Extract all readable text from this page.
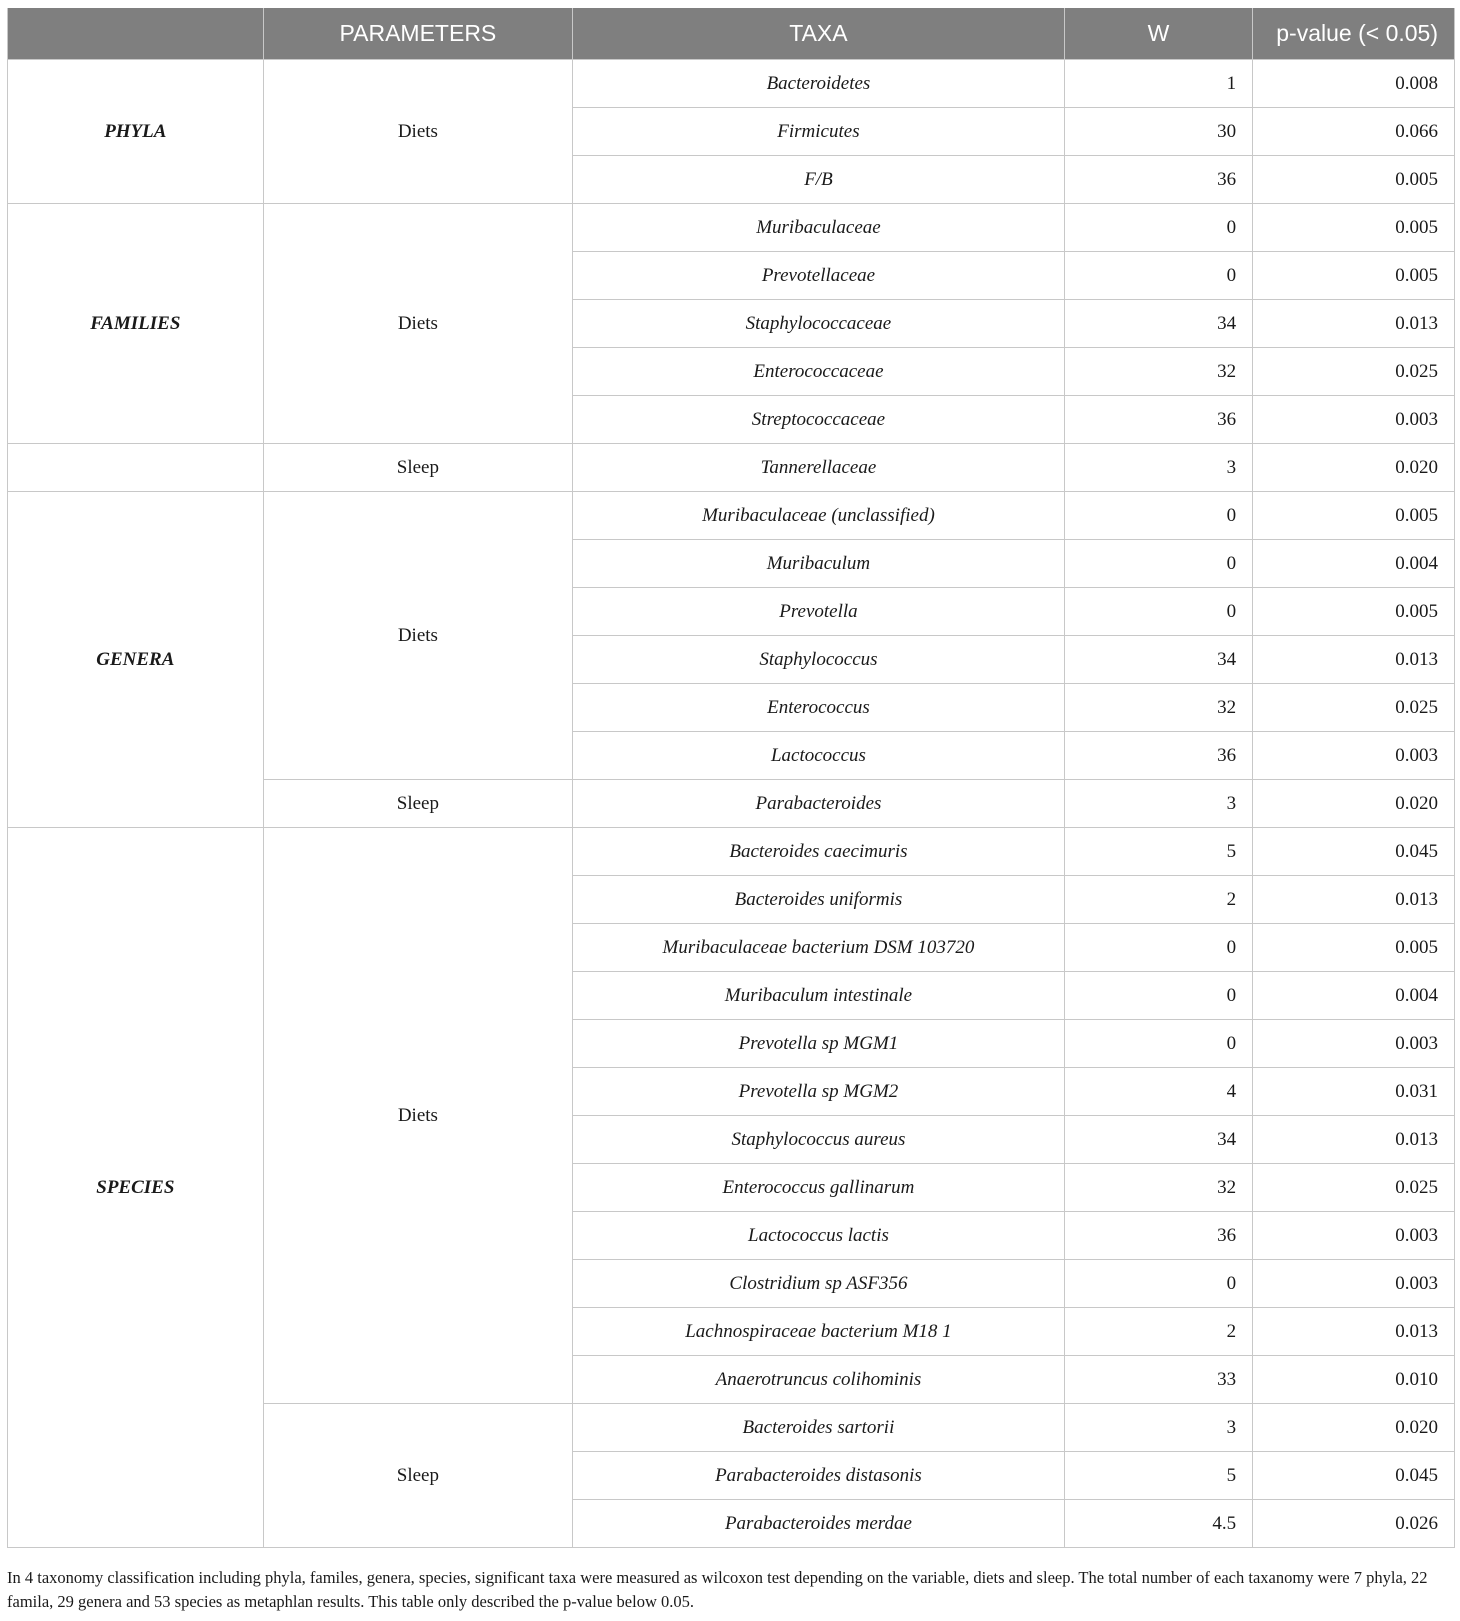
	PARAMETERS	TAXA	W	p-value (< 0.05)
PHYLA	Diets	Bacteroidetes	1	0.008
		Firmicutes	30	0.066
		F/B	36	0.005
FAMILIES	Diets	Muribaculaceae	0	0.005
		Prevotellaceae	0	0.005
		Staphylococcaceae	34	0.013
		Enterococcaceae	32	0.025
		Streptococcaceae	36	0.003
	Sleep	Tannerellaceae	3	0.020
GENERA	Diets	Muribaculaceae (unclassified)	0	0.005
		Muribaculum	0	0.004
		Prevotella	0	0.005
		Staphylococcus	34	0.013
		Enterococcus	32	0.025
		Lactococcus	36	0.003
	Sleep	Parabacteroides	3	0.020
SPECIES	Diets	Bacteroides caecimuris	5	0.045
		Bacteroides uniformis	2	0.013
		Muribaculaceae bacterium DSM 103720	0	0.005
		Muribaculum intestinale	0	0.004
		Prevotella sp MGM1	0	0.003
		Prevotella sp MGM2	4	0.031
		Staphylococcus aureus	34	0.013
		Enterococcus gallinarum	32	0.025
		Lactococcus lactis	36	0.003
		Clostridium sp ASF356	0	0.003
		Lachnospiraceae bacterium M18 1	2	0.013
		Anaerotruncus colihominis	33	0.010
	Sleep	Bacteroides sartorii	3	0.020
		Parabacteroides distasonis	5	0.045
		Parabacteroides merdae	4.5	0.026
In 4 taxonomy classification including phyla, familes, genera, species, significant taxa were measured as wilcoxon test depending on the variable, diets and sleep. The total number of each taxanomy were 7 phyla, 22 famila, 29 genera and 53 species as metaphlan results. This table only described the p-value below 0.05.
